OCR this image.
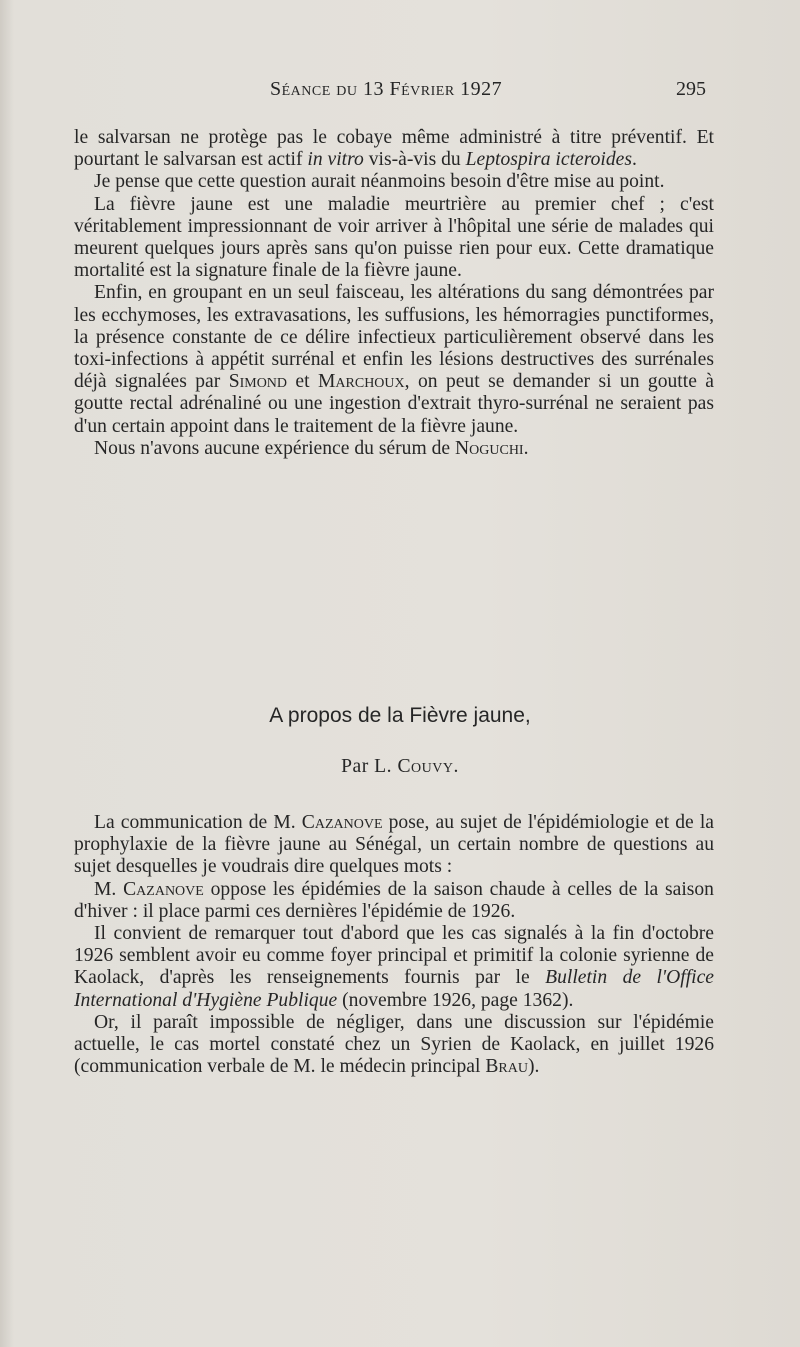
Séance du 13 Février 1927	295

le salvarsan ne protège pas le cobaye même administré à titre préventif. Et pourtant le salvarsan est actif in vitro vis-à-vis du Leptospira icteroides.

Je pense que cette question aurait néanmoins besoin d'être mise au point.

La fièvre jaune est une maladie meurtrière au premier chef ; c'est véritablement impressionnant de voir arriver à l'hôpital une série de malades qui meurent quelques jours après sans qu'on puisse rien pour eux. Cette dramatique mortalité est la signature finale de la fièvre jaune.

Enfin, en groupant en un seul faisceau, les altérations du sang démontrées par les ecchymoses, les extravasations, les suffusions, les hémorragies punctiformes, la présence constante de ce délire infectieux particulièrement observé dans les toxi-infections à appétit surrénal et enfin les lésions destructives des surrénales déjà signalées par Simond et Marchoux, on peut se demander si un goutte à goutte rectal adrénaliné ou une ingestion d'extrait thyro-surrénal ne seraient pas d'un certain appoint dans le traitement de la fièvre jaune.

Nous n'avons aucune expérience du sérum de Noguchi.

A propos de la Fièvre jaune,
Par L. Couvy.

La communication de M. Cazanove pose, au sujet de l'épidémiologie et de la prophylaxie de la fièvre jaune au Sénégal, un certain nombre de questions au sujet desquelles je voudrais dire quelques mots :

M. Cazanove oppose les épidémies de la saison chaude à celles de la saison d'hiver : il place parmi ces dernières l'épidémie de 1926.

Il convient de remarquer tout d'abord que les cas signalés à la fin d'octobre 1926 semblent avoir eu comme foyer principal et primitif la colonie syrienne de Kaolack, d'après les renseignements fournis par le Bulletin de l'Office International d'Hygiène Publique (novembre 1926, page 1362).

Or, il paraît impossible de négliger, dans une discussion sur l'épidémie actuelle, le cas mortel constaté chez un Syrien de Kaolack, en juillet 1926 (communication verbale de M. le médecin principal Brau).
